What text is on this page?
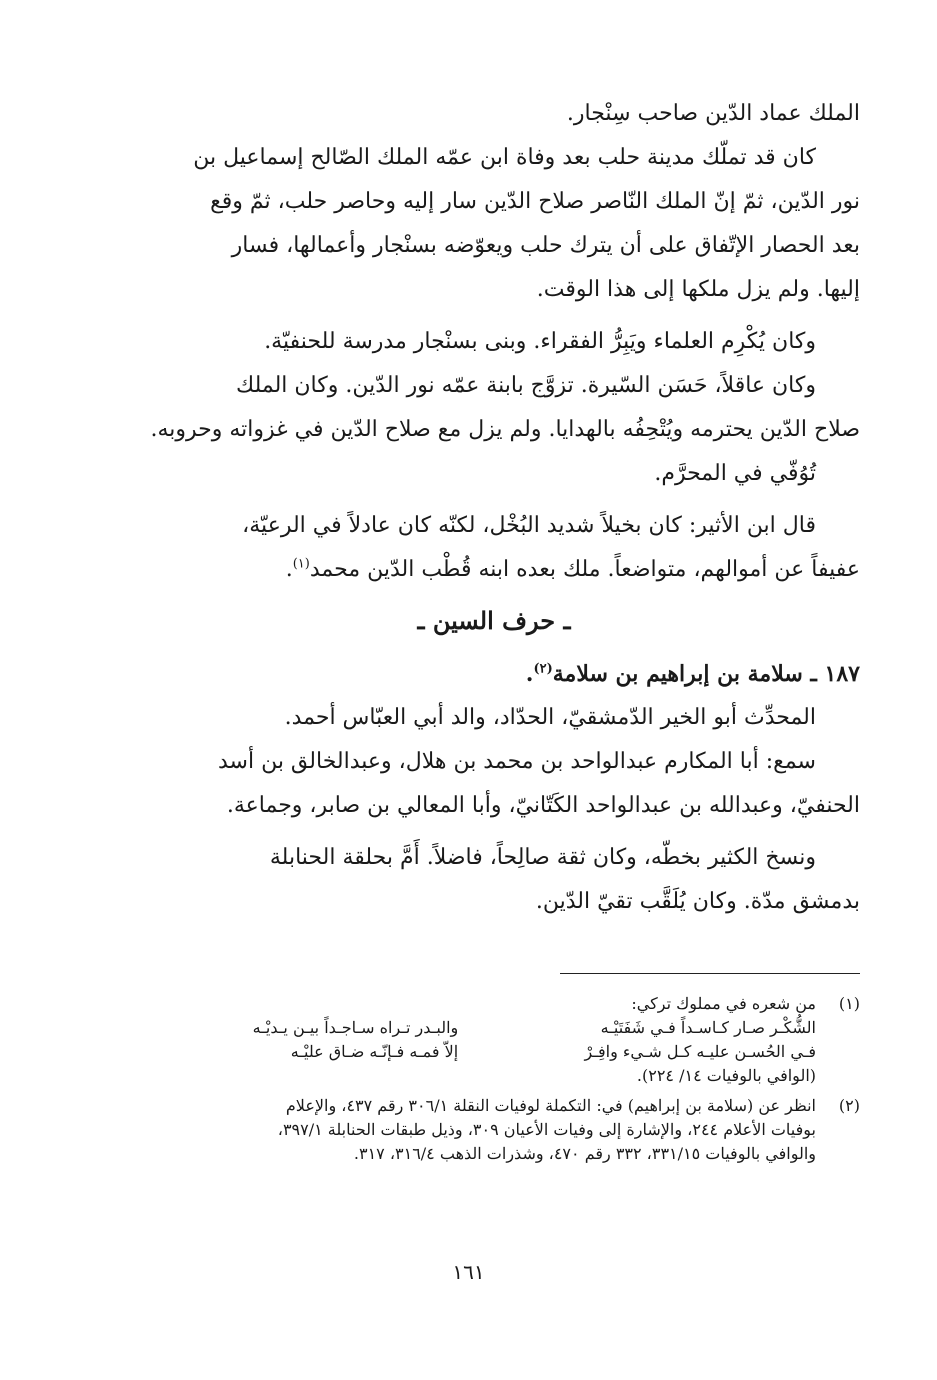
الملك عماد الدّين صاحب سِنْجار.
كان قد تملّك مدينة حلب بعد وفاة ابن عمّه الملك الصّالح إسماعيل بن
نور الدّين، ثمّ إنّ الملك النّاصر صلاح الدّين سار إليه وحاصر حلب، ثمّ وقع
بعد الحصار الإتّفاق على أن يترك حلب ويعوّضه بسنْجار وأعمالها، فسار
إليها. ولم يزل ملكها إلى هذا الوقت.
وكان يُكْرِم العلماء ويَبِرُّ الفقراء. وبنى بسنْجار مدرسة للحنفيّة.
وكان عاقلاً، حَسَن السّيرة. تزوَّج بابنة عمّه نور الدّين. وكان الملك
صلاح الدّين يحترمه ويُتْحِفُه بالهدايا. ولم يزل مع صلاح الدّين في غزواته وحروبه.
تُوُفّي في المحرَّم.
قال ابن الأثير: كان بخيلاً شديد البُخْل، لكنّه كان عادلاً في الرعيّة،
عفيفاً عن أموالهم، متواضعاً. ملك بعده ابنه قُطْب الدّين محمد$^{(١)}$.
ـ حرف السين ـ
١٨٧ ـ سلامة بن إبراهيم بن سلامة$^{(٢)}$.
المحدِّث أبو الخير الدّمشقيّ، الحدّاد، والد أبي العبّاس أحمد.
سمع: أبا المكارم عبدالواحد بن محمد بن هلال، وعبدالخالق بن أسد
الحنفيّ، وعبدالله بن عبدالواحد الكَتّانيّ، وأبا المعالي بن صابر، وجماعة.
ونسخ الكثير بخطّه، وكان ثقة صالِحاً، فاضلاً. أَمَّ بحلقة الحنابلة
بدمشق مدّة. وكان يُلَقَّب تقيّ الدّين.
(١)
من شعره في مملوك تركي:
الشُّكْـر صـار كـاسـداً فـي شَفَتَيْـه
والبـدر تـراه سـاجـداً بيـن يـديْـه
فـي الحُسـن عليـه كـل شـيء وافِـرْ
إلاّ فمـه فـإنّـه ضـاق عليْـه
(الوافي بالوفيات ١٤/ ٢٢٤).
(٢)
انظر عن (سلامة بن إبراهيم) في: التكملة لوفيات النقلة ٣٠٦/١ رقم ٤٣٧، والإعلام
بوفيات الأعلام ٢٤٤، والإشارة إلى وفيات الأعيان ٣٠٩، وذيل طبقات الحنابلة ٣٩٧/١،
والوافي بالوفيات ٣٣١/١٥، ٣٣٢ رقم ٤٧٠، وشذرات الذهب ٣١٦/٤، ٣١٧.
١٦١
